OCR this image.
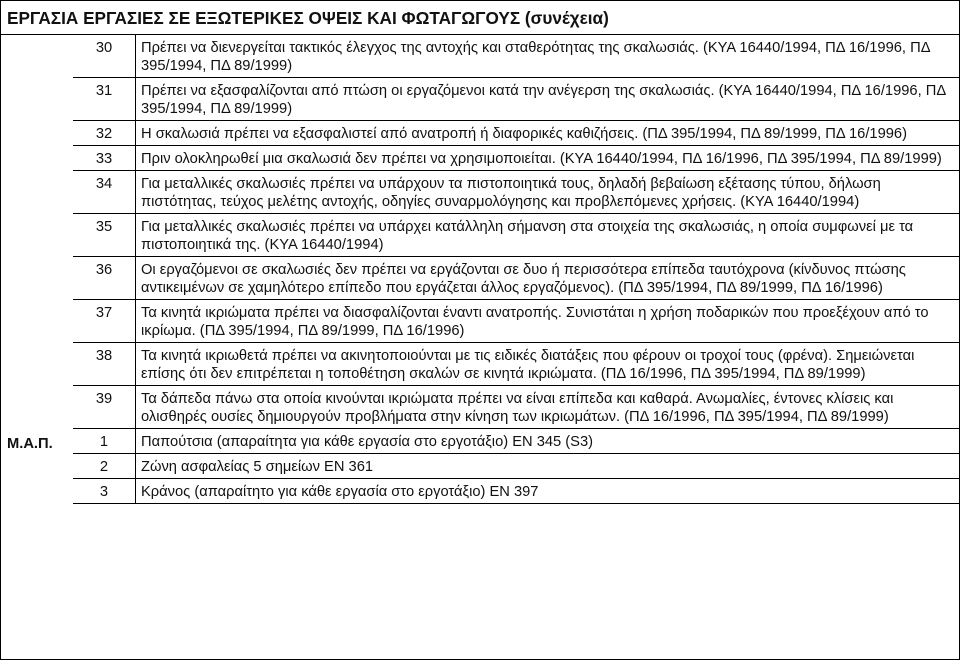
ΕΡΓΑΣΙΑ ΕΡΓΑΣΙΕΣ ΣΕ ΕΞΩΤΕΡΙΚΕΣ ΟΨΕΙΣ ΚΑΙ ΦΩΤΑΓΩΓΟΥΣ (συνέχεια)
	30	Πρέπει να διενεργείται τακτικός έλεγχος της αντοχής και σταθερότητας της σκαλωσιάς. (ΚΥΑ 16440/1994, ΠΔ 16/1996, ΠΔ 395/1994, ΠΔ 89/1999)
	31	Πρέπει να εξασφαλίζονται από πτώση οι εργαζόμενοι κατά την ανέγερση της σκαλωσιάς. (ΚΥΑ 16440/1994, ΠΔ 16/1996, ΠΔ 395/1994, ΠΔ 89/1999)
	32	Η σκαλωσιά πρέπει να εξασφαλιστεί από ανατροπή ή διαφορικές καθιζήσεις. (ΠΔ 395/1994, ΠΔ 89/1999, ΠΔ 16/1996)
	33	Πριν ολοκληρωθεί μια σκαλωσιά δεν πρέπει να χρησιμοποιείται. (ΚΥΑ 16440/1994, ΠΔ 16/1996, ΠΔ 395/1994, ΠΔ 89/1999)
	34	Για μεταλλικές σκαλωσιές πρέπει να υπάρχουν τα πιστοποιητικά τους, δηλαδή βεβαίωση εξέτασης τύπου, δήλωση πιστότητας, τεύχος μελέτης αντοχής, οδηγίες συναρμολόγησης και προβλεπόμενες χρήσεις. (ΚΥΑ 16440/1994)
	35	Για μεταλλικές σκαλωσιές πρέπει να υπάρχει κατάλληλη σήμανση στα στοιχεία της σκαλωσιάς, η οποία συμφωνεί με τα πιστοποιητικά της. (ΚΥΑ 16440/1994)
	36	Οι εργαζόμενοι σε σκαλωσιές δεν πρέπει να εργάζονται σε δυο ή περισσότερα επίπεδα ταυτόχρονα (κίνδυνος πτώσης αντικειμένων σε χαμηλότερο επίπεδο που εργάζεται άλλος εργαζόμενος). (ΠΔ 395/1994, ΠΔ 89/1999, ΠΔ 16/1996)
	37	Τα κινητά ικριώματα πρέπει να διασφαλίζονται έναντι ανατροπής. Συνιστάται η χρήση ποδαρικών που προεξέχουν από το ικρίωμα. (ΠΔ 395/1994, ΠΔ 89/1999, ΠΔ 16/1996)
	38	Τα κινητά ικριωθετά πρέπει να ακινητοποιούνται με τις ειδικές διατάξεις που φέρουν οι τροχοί τους (φρένα). Σημειώνεται επίσης ότι δεν επιτρέπεται η τοποθέτηση σκαλών σε κινητά ικριώματα. (ΠΔ 16/1996, ΠΔ 395/1994, ΠΔ 89/1999)
	39	Τα δάπεδα πάνω στα οποία κινούνται ικριώματα πρέπει να είναι επίπεδα και καθαρά. Ανωμαλίες, έντονες κλίσεις και ολισθηρές ουσίες δημιουργούν προβλήματα στην κίνηση των ικριωμάτων. (ΠΔ 16/1996, ΠΔ 395/1994, ΠΔ 89/1999)

Μ.Α.Π.	1	Παπούτσια (απαραίτητα για κάθε εργασία στο εργοτάξιο) ΕΝ 345 (S3)
	2	Ζώνη ασφαλείας 5 σημείων ΕΝ 361
	3	Κράνος (απαραίτητο για κάθε εργασία στο εργοτάξιο) ΕΝ 397
